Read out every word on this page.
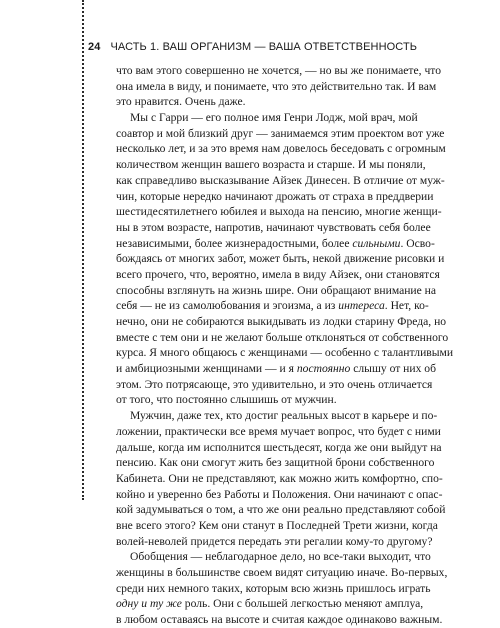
24 ЧАСТЬ 1. ВАШ ОРГАНИЗМ — ВАША ОТВЕТСТВЕННОСТЬ
что вам этого совершенно не хочется, — но вы же понимаете, что
она имела в виду, и понимаете, что это действительно так. И вам
это нравится. Очень даже.
Мы с Гарри — его полное имя Генри Лодж, мой врач, мой
соавтор и мой близкий друг — занимаемся этим проектом вот уже
несколько лет, и за это время нам довелось беседовать с огромным
количеством женщин вашего возраста и старше. И мы поняли,
как справедливо высказывание Айзек Динесен. В отличие от муж-
чин, которые нередко начинают дрожать от страха в преддверии
шестидесятилетнего юбилея и выхода на пенсию, многие женщи-
ны в этом возрасте, напротив, начинают чувствовать себя более
независимыми, более жизнерадостными, более сильными. Осво-
бождаясь от многих забот, может быть, некой движение рисовки и
всего прочего, что, вероятно, имела в виду Айзек, они становятся
способны взглянуть на жизнь шире. Они обращают внимание на
себя — не из самолюбования и эгоизма, а из интереса. Нет, ко-
нечно, они не собираются выкидывать из лодки старину Фреда, но
вместе с тем они и не желают больше отклоняться от собственного
курса. Я много общаюсь с женщинами — особенно с талантливыми
и амбициозными женщинами — и я постоянно слышу от них об
этом. Это потрясающе, это удивительно, и это очень отличается
от того, что постоянно слышишь от мужчин.
Мужчин, даже тех, кто достиг реальных высот в карьере и по-
ложении, практически все время мучает вопрос, что будет с ними
дальше, когда им исполнится шестьдесят, когда же они выйдут на
пенсию. Как они смогут жить без защитной брони собственного
Кабинета. Они не представляют, как можно жить комфортно, спо-
койно и уверенно без Работы и Положения. Они начинают с опас-
кой задумываться о том, а что же они реально представляют собой
вне всего этого? Кем они станут в Последней Трети жизни, когда
волей-неволей придется передать эти регалии кому-то другому?
Обобщения — неблагодарное дело, но все-таки выходит, что
женщины в большинстве своем видят ситуацию иначе. Во-первых,
среди них немного таких, которым всю жизнь пришлось играть
одну и ту же роль. Они с большей легкостью меняют амплуа,
в любом оставаясь на высоте и считая каждое одинаково важным.
